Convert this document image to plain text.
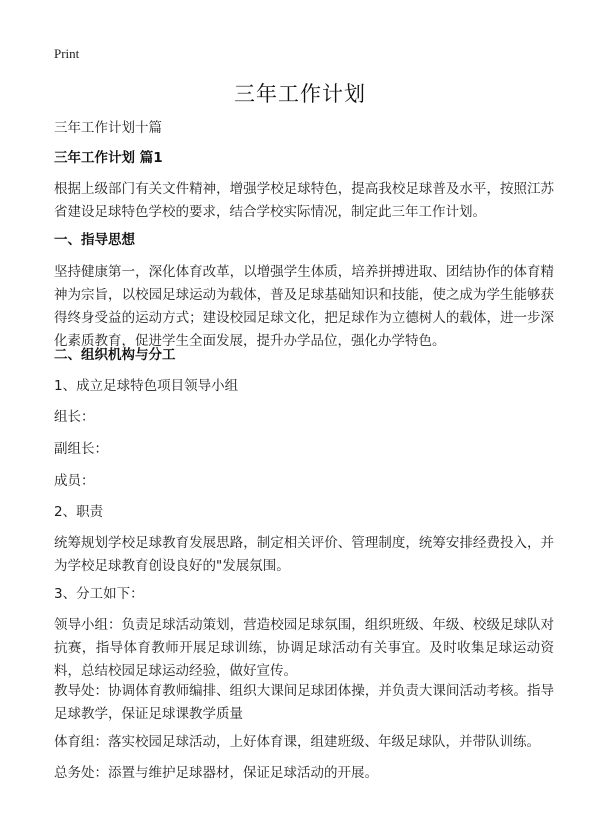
Print
三年工作计划

三年工作计划十篇

三年工作计划 篇1

根据上级部门有关文件精神，增强学校足球特色，提高我校足球普及水平，按照江苏省建设足球特色学校的要求，结合学校实际情况，制定此三年工作计划。

一、指导思想

坚持健康第一，深化体育改革，以增强学生体质，培养拼搏进取、团结协作的体育精神为宗旨，以校园足球运动为载体，普及足球基础知识和技能，使之成为学生能够获得终身受益的运动方式；建设校园足球文化，把足球作为立德树人的载体，进一步深化素质教育，促进学生全面发展，提升办学品位，强化办学特色。

二、组织机构与分工

1、成立足球特色项目领导小组

组长：

副组长：

成员：

2、职责

统筹规划学校足球教育发展思路，制定相关评价、管理制度，统筹安排经费投入，并为学校足球教育创设良好的"发展氛围。

3、分工如下：

领导小组：负责足球活动策划，营造校园足球氛围，组织班级、年级、校级足球队对抗赛，指导体育教师开展足球训练，协调足球活动有关事宜。及时收集足球运动资料，总结校园足球运动经验，做好宣传。

教导处：协调体育教师编排、组织大课间足球团体操，并负责大课间活动考核。指导足球教学，保证足球课教学质量

体育组：落实校园足球活动，上好体育课，组建班级、年级足球队，并带队训练。

总务处：添置与维护足球器材，保证足球活动的开展。
